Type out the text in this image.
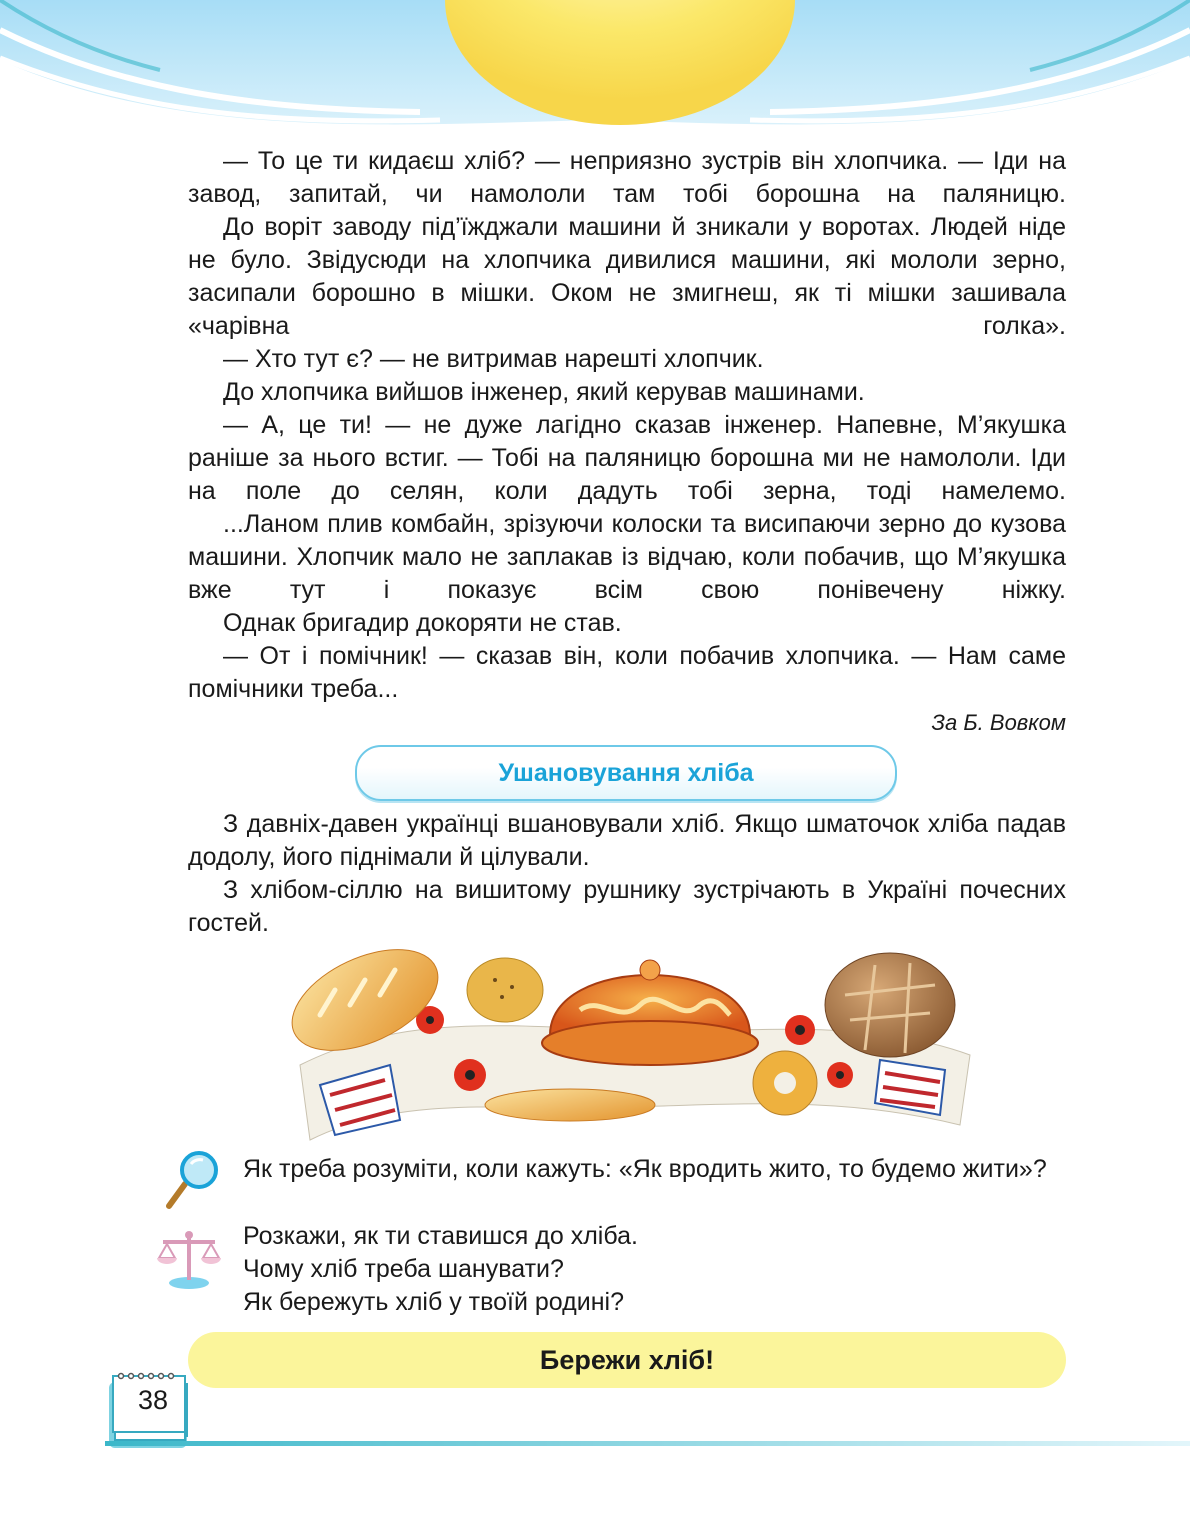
— То це ти кидаєш хліб? — неприязно зустрів він хлопчика. — Іди на завод, запитай, чи намололи там тобі борошна на паляницю.

До воріт заводу під’їжджали машини й зникали у воротах. Людей ніде не було. Звідусюди на хлопчика дивилися машини, які мололи зерно, засипали борошно в мішки. Оком не змигнеш, як ті мішки зашивала «чарівна голка».

— Хто тут є? — не витримав нарешті хлопчик.

До хлопчика вийшов інженер, який керував машинами.

— А, це ти! — не дуже лагідно сказав інженер. Напевне, М’якушка раніше за нього встиг. — Тобі на паляницю борошна ми не намололи. Іди на поле до селян, коли дадуть тобі зерна, тоді намелемо.

...Ланом плив комбайн, зрізуючи колоски та висипаючи зерно до кузова машини. Хлопчик мало не заплакав із відчаю, коли побачив, що М’якушка вже тут і показує всім свою понівечену ніжку.

Однак бригадир докоряти не став.

— От і помічник! — сказав він, коли побачив хлопчика. — Нам саме помічники треба...

За Б. Вовком
Ушановування хліба

З давніх-давен українці вшановували хліб. Якщо шматочок хліба падав додолу, його піднімали й цілували.

З хлібом-сіллю на вишитому рушнику зустрічають в Україні почесних гостей.

Як треба розуміти, коли кажуть: «Як вродить жито, то будемо жити»?

Розкажи, як ти ставишся до хліба.

Чому хліб треба шанувати?

Як бережуть хліб у твоїй родині?

Бережи хліб!
38
